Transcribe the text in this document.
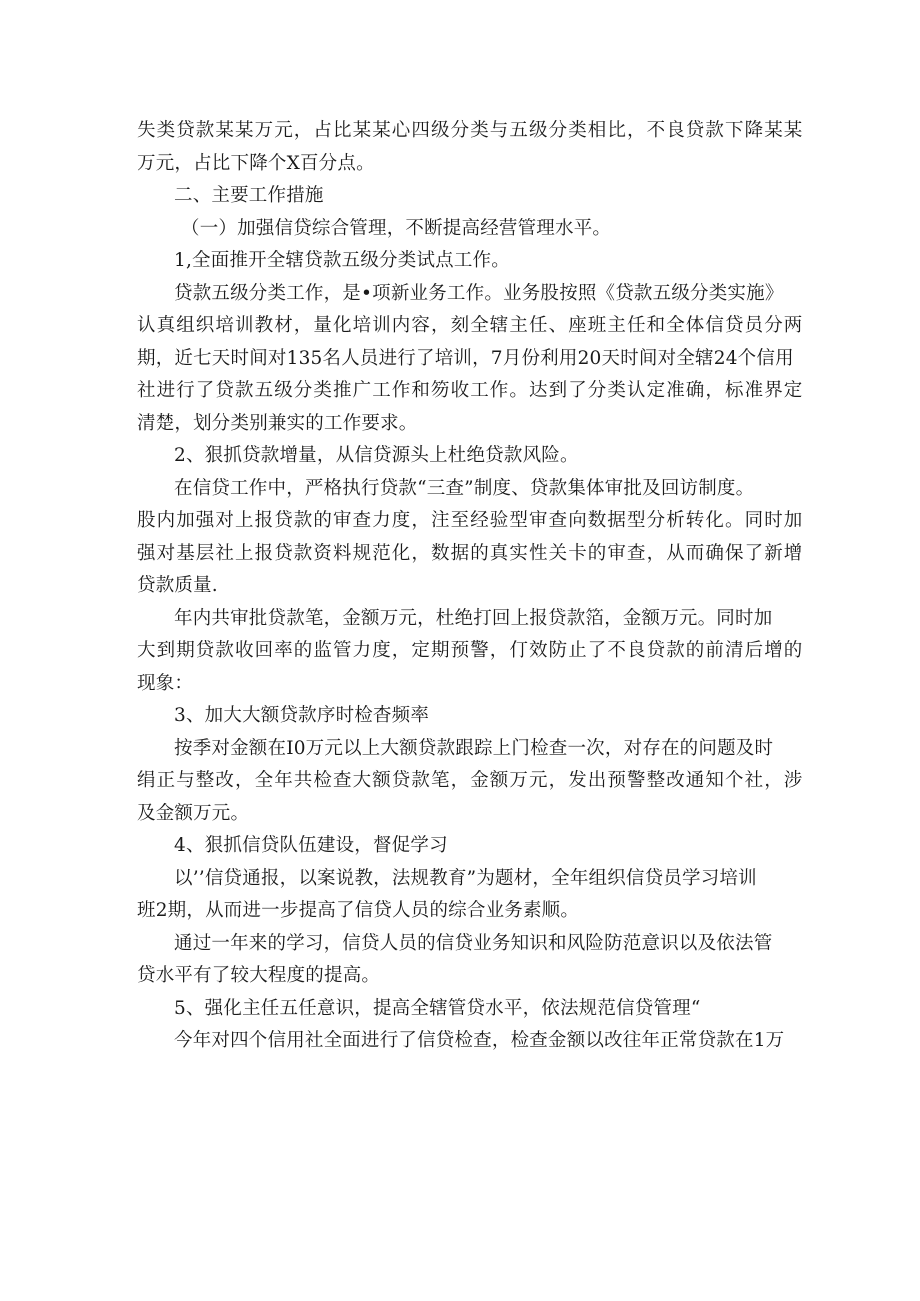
失类贷款某某万元，占比某某心四级分类与五级分类相比，不良贷款下降某某
万元，占比下降个X百分点。
二、主要工作措施
（一）加强信贷综合管理，不断提高经营管理水平。
1,全面推开全辖贷款五级分类试点工作。
贷款五级分类工作，是•项新业务工作。业务股按照《贷款五级分类实施》
认真组织培训教材，量化培训内容，刻全辖主任、座班主任和全体信贷员分两
期，近七天时间对135名人员进行了培训，7月份利用20天时间对全辖24个信用
社进行了贷款五级分类推广工作和笏收工作。达到了分类认定准确，标准界定
清楚，划分类别兼实的工作要求。
2、狠抓贷款增量，从信贷源头上杜绝贷款风险。
在信贷工作中，严格执行贷款“三查”制度、贷款集体审批及回访制度。
股内加强对上报贷款的审查力度，注至经验型审查向数据型分析转化。同时加
强对基层社上报贷款资料规范化，数据的真实性关卡的审查，从而确保了新增
贷款质量.
年内共审批贷款笔，金额万元，杜绝打回上报贷款箔，金额万元。同时加
大到期贷款收回率的监管力度，定期预警，仃效防止了不良贷款的前清后增的
现象：
3、加大大额贷款序时检杳频率
按季对金额在I0万元以上大额贷款跟踪上门检查一次，对存在的问题及时
绢正与整改，全年共检查大额贷款笔，金额万元，发出预警整改通知个社，涉
及金额万元。
4、狠抓信贷队伍建设，督促学习
以’’信贷通报，以案说教，法规教育”为题材，全年组织信贷员学习培训
班2期，从而进一步提高了信贷人员的综合业务素顺。
通过一年来的学习，信贷人员的信贷业务知识和风险防范意识以及依法管
贷水平有了较大程度的提高。
5、强化主任五任意识，提高全辖管贷水平，依法规范信贷管理“
今年对四个信用社全面进行了信贷检查，检查金额以改往年正常贷款在1万
